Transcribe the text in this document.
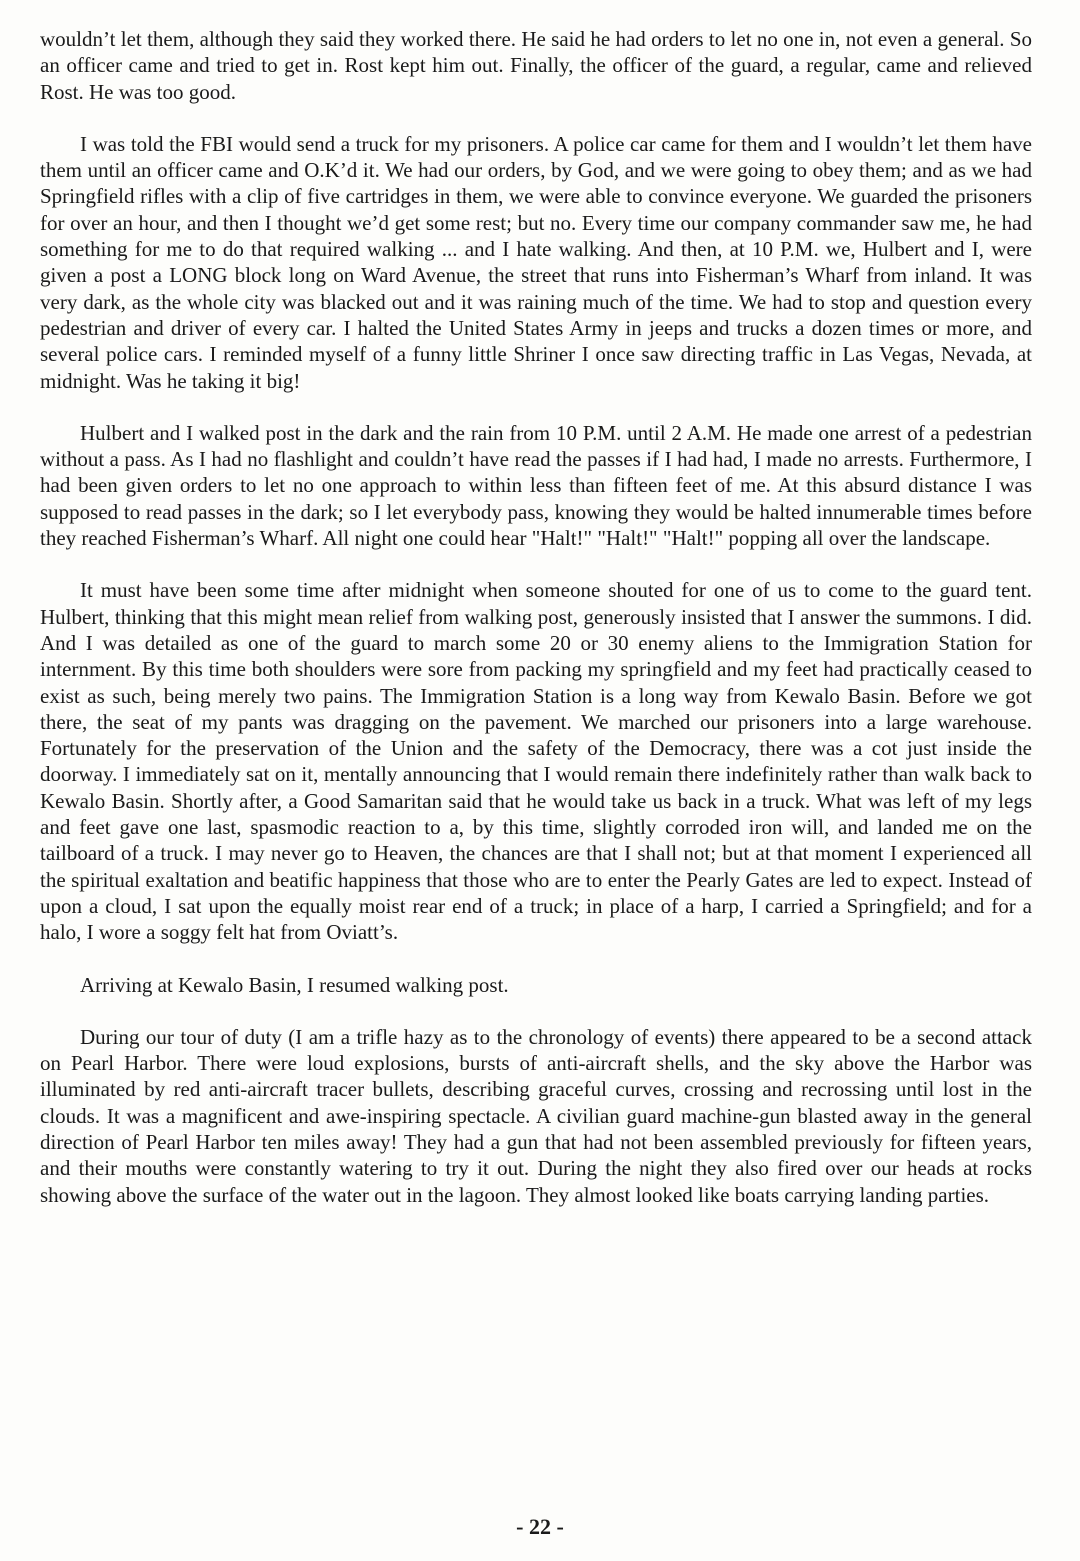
wouldn’t let them, although they said they worked there. He said he had orders to let no one in, not even a general. So an officer came and tried to get in. Rost kept him out. Finally, the officer of the guard, a regular, came and relieved Rost. He was too good.

I was told the FBI would send a truck for my prisoners. A police car came for them and I wouldn’t let them have them until an officer came and O.K’d it. We had our orders, by God, and we were going to obey them; and as we had Springfield rifles with a clip of five cartridges in them, we were able to convince everyone. We guarded the prisoners for over an hour, and then I thought we’d get some rest; but no. Every time our company commander saw me, he had something for me to do that required walking ... and I hate walking. And then, at 10 P.M. we, Hulbert and I, were given a post a LONG block long on Ward Avenue, the street that runs into Fisherman’s Wharf from inland. It was very dark, as the whole city was blacked out and it was raining much of the time. We had to stop and question every pedestrian and driver of every car. I halted the United States Army in jeeps and trucks a dozen times or more, and several police cars. I reminded myself of a funny little Shriner I once saw directing traffic in Las Vegas, Nevada, at midnight. Was he taking it big!

Hulbert and I walked post in the dark and the rain from 10 P.M. until 2 A.M. He made one arrest of a pedestrian without a pass. As I had no flashlight and couldn’t have read the passes if I had had, I made no arrests. Furthermore, I had been given orders to let no one approach to within less than fifteen feet of me. At this absurd distance I was supposed to read passes in the dark; so I let everybody pass, knowing they would be halted innumerable times before they reached Fisherman’s Wharf. All night one could hear "Halt!" "Halt!" "Halt!" popping all over the landscape.

It must have been some time after midnight when someone shouted for one of us to come to the guard tent. Hulbert, thinking that this might mean relief from walking post, generously insisted that I answer the summons. I did. And I was detailed as one of the guard to march some 20 or 30 enemy aliens to the Immigration Station for internment. By this time both shoulders were sore from packing my springfield and my feet had practically ceased to exist as such, being merely two pains. The Immigration Station is a long way from Kewalo Basin. Before we got there, the seat of my pants was dragging on the pavement. We marched our prisoners into a large warehouse. Fortunately for the preservation of the Union and the safety of the Democracy, there was a cot just inside the doorway. I immediately sat on it, mentally announcing that I would remain there indefinitely rather than walk back to Kewalo Basin. Shortly after, a Good Samaritan said that he would take us back in a truck. What was left of my legs and feet gave one last, spasmodic reaction to a, by this time, slightly corroded iron will, and landed me on the tailboard of a truck. I may never go to Heaven, the chances are that I shall not; but at that moment I experienced all the spiritual exaltation and beatific happiness that those who are to enter the Pearly Gates are led to expect. Instead of upon a cloud, I sat upon the equally moist rear end of a truck; in place of a harp, I carried a Springfield; and for a halo, I wore a soggy felt hat from Oviatt’s.

Arriving at Kewalo Basin, I resumed walking post.

During our tour of duty (I am a trifle hazy as to the chronology of events) there appeared to be a second attack on Pearl Harbor. There were loud explosions, bursts of anti-aircraft shells, and the sky above the Harbor was illuminated by red anti-aircraft tracer bullets, describing graceful curves, crossing and recrossing until lost in the clouds. It was a magnificent and awe-inspiring spectacle. A civilian guard machine-gun blasted away in the general direction of Pearl Harbor ten miles away! They had a gun that had not been assembled previously for fifteen years, and their mouths were constantly watering to try it out. During the night they also fired over our heads at rocks showing above the surface of the water out in the lagoon. They almost looked like boats carrying landing parties.

- 22 -
